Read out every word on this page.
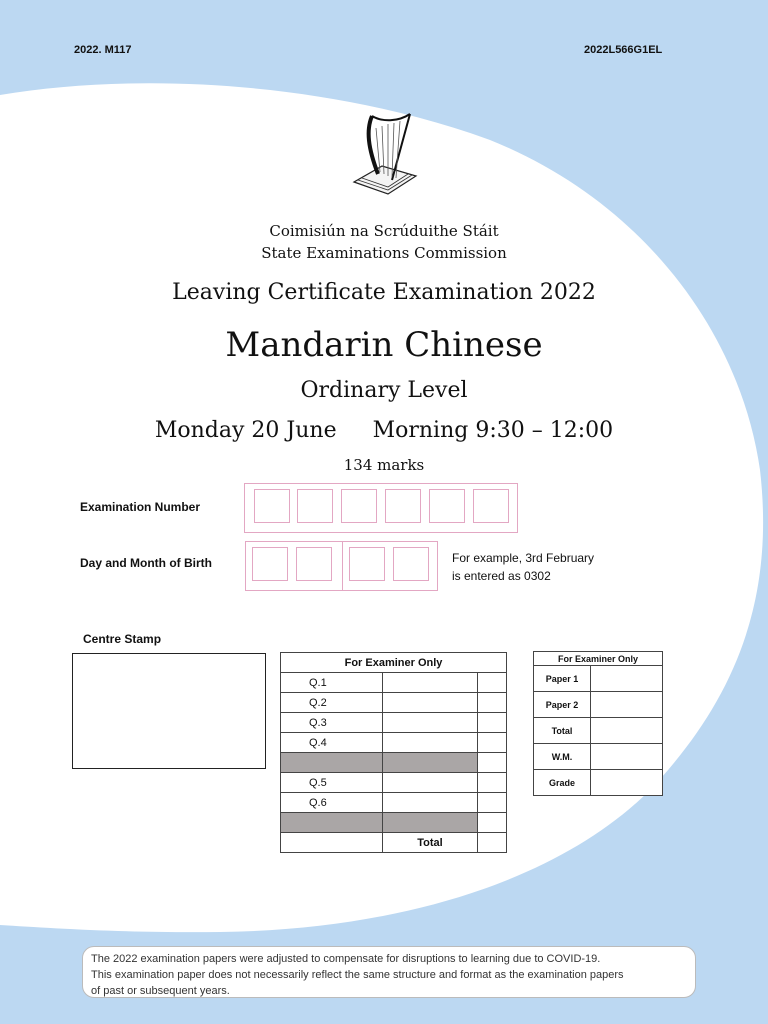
2022. M117	2022L566G1EL
Coimisiún na Scrúduithe Stáit
State Examinations Commission
Leaving Certificate Examination 2022
Mandarin Chinese
Ordinary Level
Monday 20 June Morning 9:30 – 12:00
134 marks
Examination Number
Day and Month of Birth	For example, 3rd February
is entered as 0302
Centre Stamp
For Examiner Only		
Q.1		
Q.2		
Q.3		
Q.4		

Q.5		
Q.6		

	Total	
For Examiner Only	
Paper 1	
Paper 2	
Total	
W.M.	
Grade	
The 2022 examination papers were adjusted to compensate for disruptions to learning due to COVID-19.
This examination paper does not necessarily reflect the same structure and format as the examination papers
of past or subsequent years.
